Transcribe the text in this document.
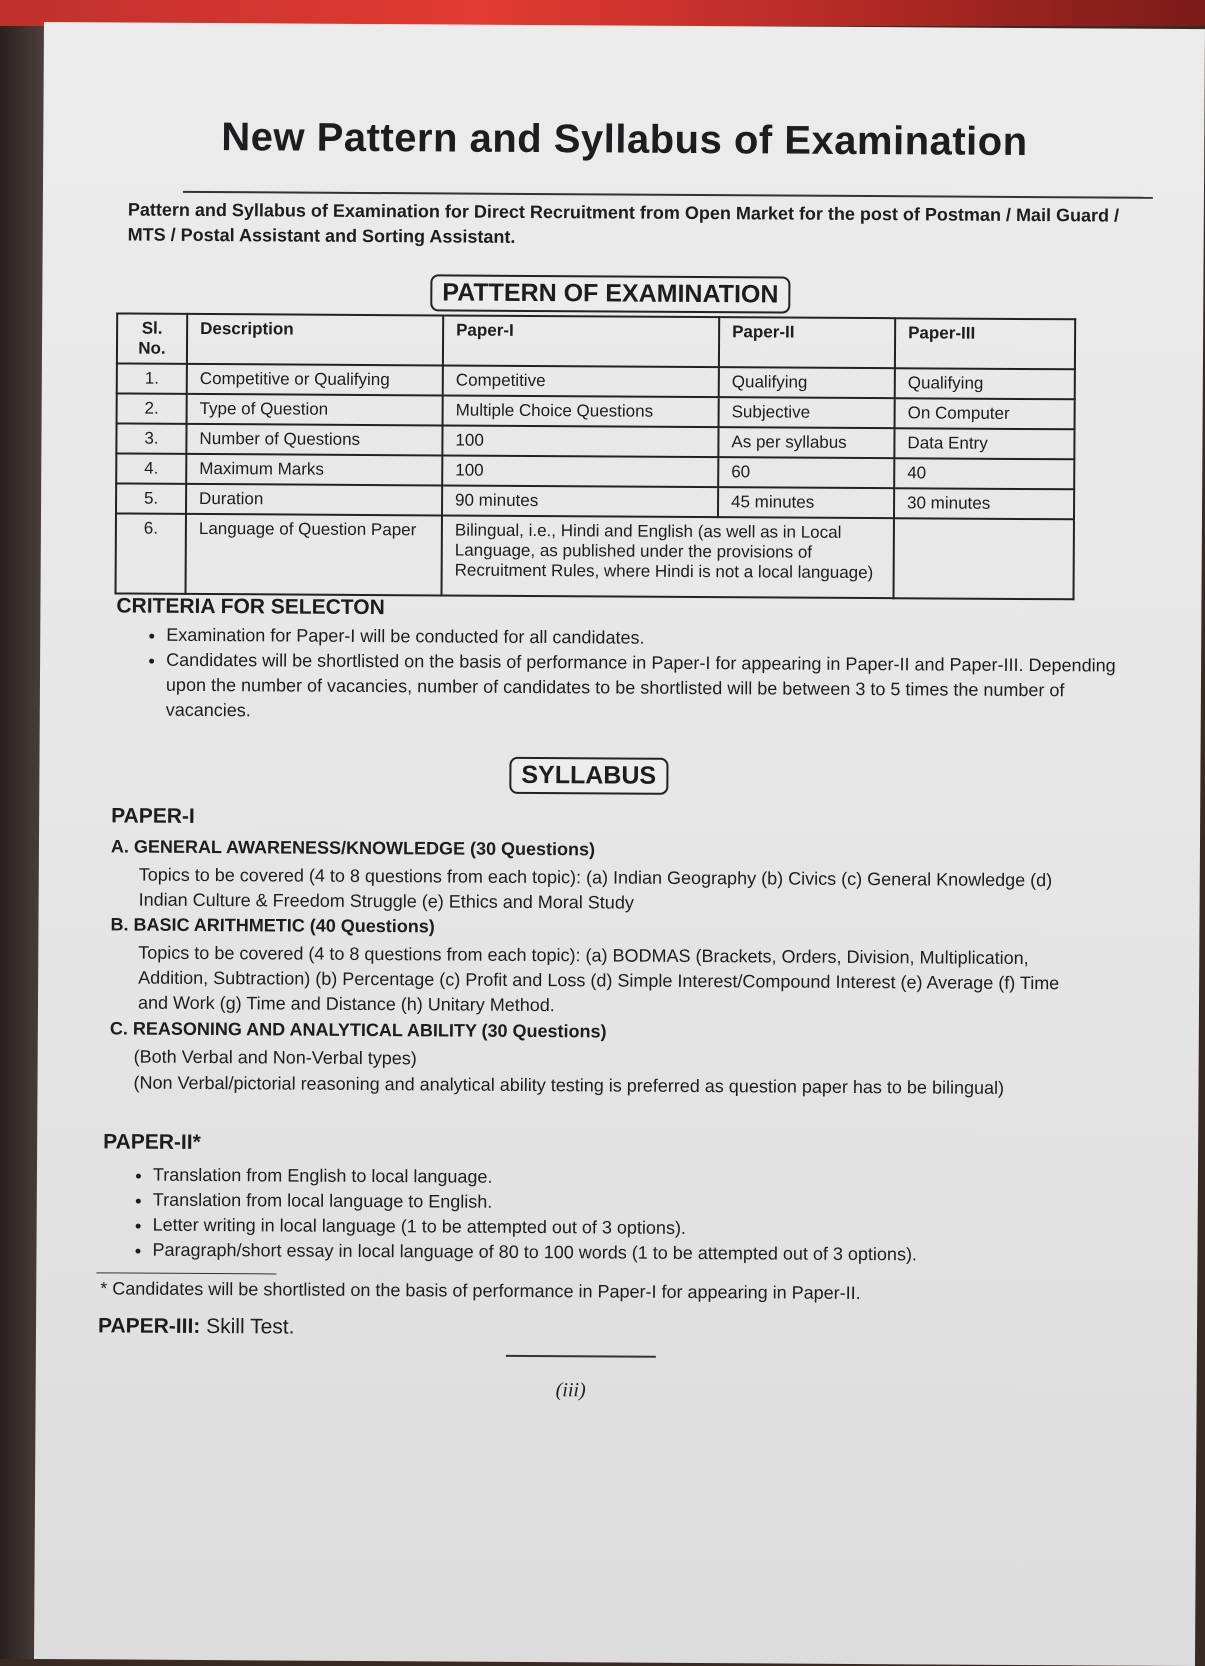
New Pattern and Syllabus of Examination
Pattern and Syllabus of Examination for Direct Recruitment from Open Market for the post of Postman / Mail Guard / MTS / Postal Assistant and Sorting Assistant.
PATTERN OF EXAMINATION
Sl. No.	Description	Paper-I	Paper-II	Paper-III
1.	Competitive or Qualifying	Competitive	Qualifying	Qualifying
2.	Type of Question	Multiple Choice Questions	Subjective	On Computer
3.	Number of Questions	100	As per syllabus	Data Entry
4.	Maximum Marks	100	60	40
5.	Duration	90 minutes	45 minutes	30 minutes
6.	Language of Question Paper	Bilingual, i.e., Hindi and English (as well as in Local Language, as published under the provisions of Recruitment Rules, where Hindi is not a local language)		
CRITERIA FOR SELECTON
• Examination for Paper-I will be conducted for all candidates.
• Candidates will be shortlisted on the basis of performance in Paper-I for appearing in Paper-II and Paper-III. Depending upon the number of vacancies, number of candidates to be shortlisted will be between 3 to 5 times the number of vacancies.
SYLLABUS
PAPER-I
A. GENERAL AWARENESS/KNOWLEDGE (30 Questions)
Topics to be covered (4 to 8 questions from each topic): (a) Indian Geography (b) Civics (c) General Knowledge (d) Indian Culture & Freedom Struggle (e) Ethics and Moral Study
B. BASIC ARITHMETIC (40 Questions)
Topics to be covered (4 to 8 questions from each topic): (a) BODMAS (Brackets, Orders, Division, Multiplication, Addition, Subtraction) (b) Percentage (c) Profit and Loss (d) Simple Interest/Compound Interest (e) Average (f) Time and Work (g) Time and Distance (h) Unitary Method.
C. REASONING AND ANALYTICAL ABILITY (30 Questions)
(Both Verbal and Non-Verbal types)
(Non Verbal/pictorial reasoning and analytical ability testing is preferred as question paper has to be bilingual)
PAPER-II*
• Translation from English to local language.
• Translation from local language to English.
• Letter writing in local language (1 to be attempted out of 3 options).
• Paragraph/short essay in local language of 80 to 100 words (1 to be attempted out of 3 options).
* Candidates will be shortlisted on the basis of performance in Paper-I for appearing in Paper-II.
PAPER-III: Skill Test.
(iii)
